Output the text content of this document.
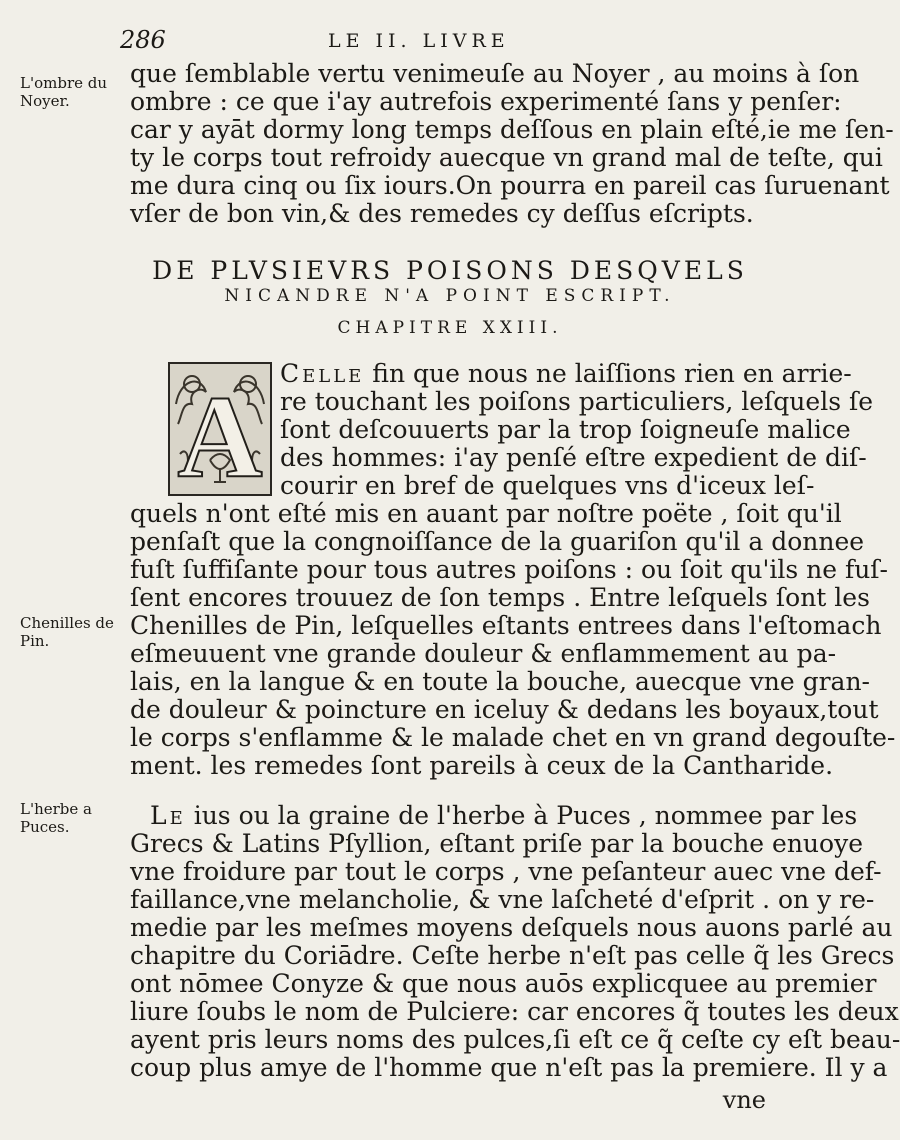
286	LE II. LIVRE
L'ombre du Noyer.
Chenilles de Pin.
L'herbe a Puces.
que ſemblable vertu venimeuſe au Noyer , au moins à ſon
ombre : ce que i'ay autrefois experimenté ſans y penſer:
car y ayāt dormy long temps deſſous en plain eſté,ie me ſen-
ty le corps tout refroidy auecque vn grand mal de teſte, qui
me dura cinq ou ſix iours.On pourra en pareil cas ſuruenant
vſer de bon vin,& des remedes cy deſſus eſcripts.
DE PLVSIEVRS POISONS DESQVELS
NICANDRE N'A POINT ESCRIPT.
CHAPITRE XXIII.
Celle fin que nous ne laiſſions rien en arrie-
re touchant les poiſons particuliers, leſquels ſe
ſont deſcouuerts par la trop ſoigneuſe malice
des hommes: i'ay penſé eſtre expedient de diſ-
courir en bref de quelques vns d'iceux leſ-
quels n'ont eſté mis en auant par noſtre poëte , ſoit qu'il
penſaſt que la congnoiſſance de la guariſon qu'il a donnee
fuſt ſuffiſante pour tous autres poiſons : ou ſoit qu'ils ne fuſ-
ſent encores trouuez de ſon temps . Entre leſquels ſont les
Chenilles de Pin, leſquelles eſtants entrees dans l'eſtomach
eſmeuuent vne grande douleur & enflammement au pa-
lais, en la langue & en toute la bouche, auecque vne gran-
de douleur & poincture en iceluy & dedans les boyaux,tout
le corps s'enflamme & le malade chet en vn grand degouſte-
ment. les remedes ſont pareils à ceux de la Cantharide.
Le ius ou la graine de l'herbe à Puces , nommee par les
Grecs & Latins Pſyllion, eſtant priſe par la bouche enuoye
vne froidure par tout le corps , vne peſanteur auec vne def-
faillance,vne melancholie, & vne laſcheté d'eſprit . on y re-
medie par les meſmes moyens deſquels nous auons parlé au
chapitre du Coriādre. Ceſte herbe n'eſt pas celle q̃ les Grecs
ont nōmee Conyze & que nous auōs explicquee au premier
liure ſoubs le nom de Pulciere: car encores q̃ toutes les deux
ayent pris leurs noms des pulces,ſi eſt ce q̃ ceſte cy eſt beau-
coup plus amye de l'homme que n'eſt pas la premiere. Il y a
A
vne
